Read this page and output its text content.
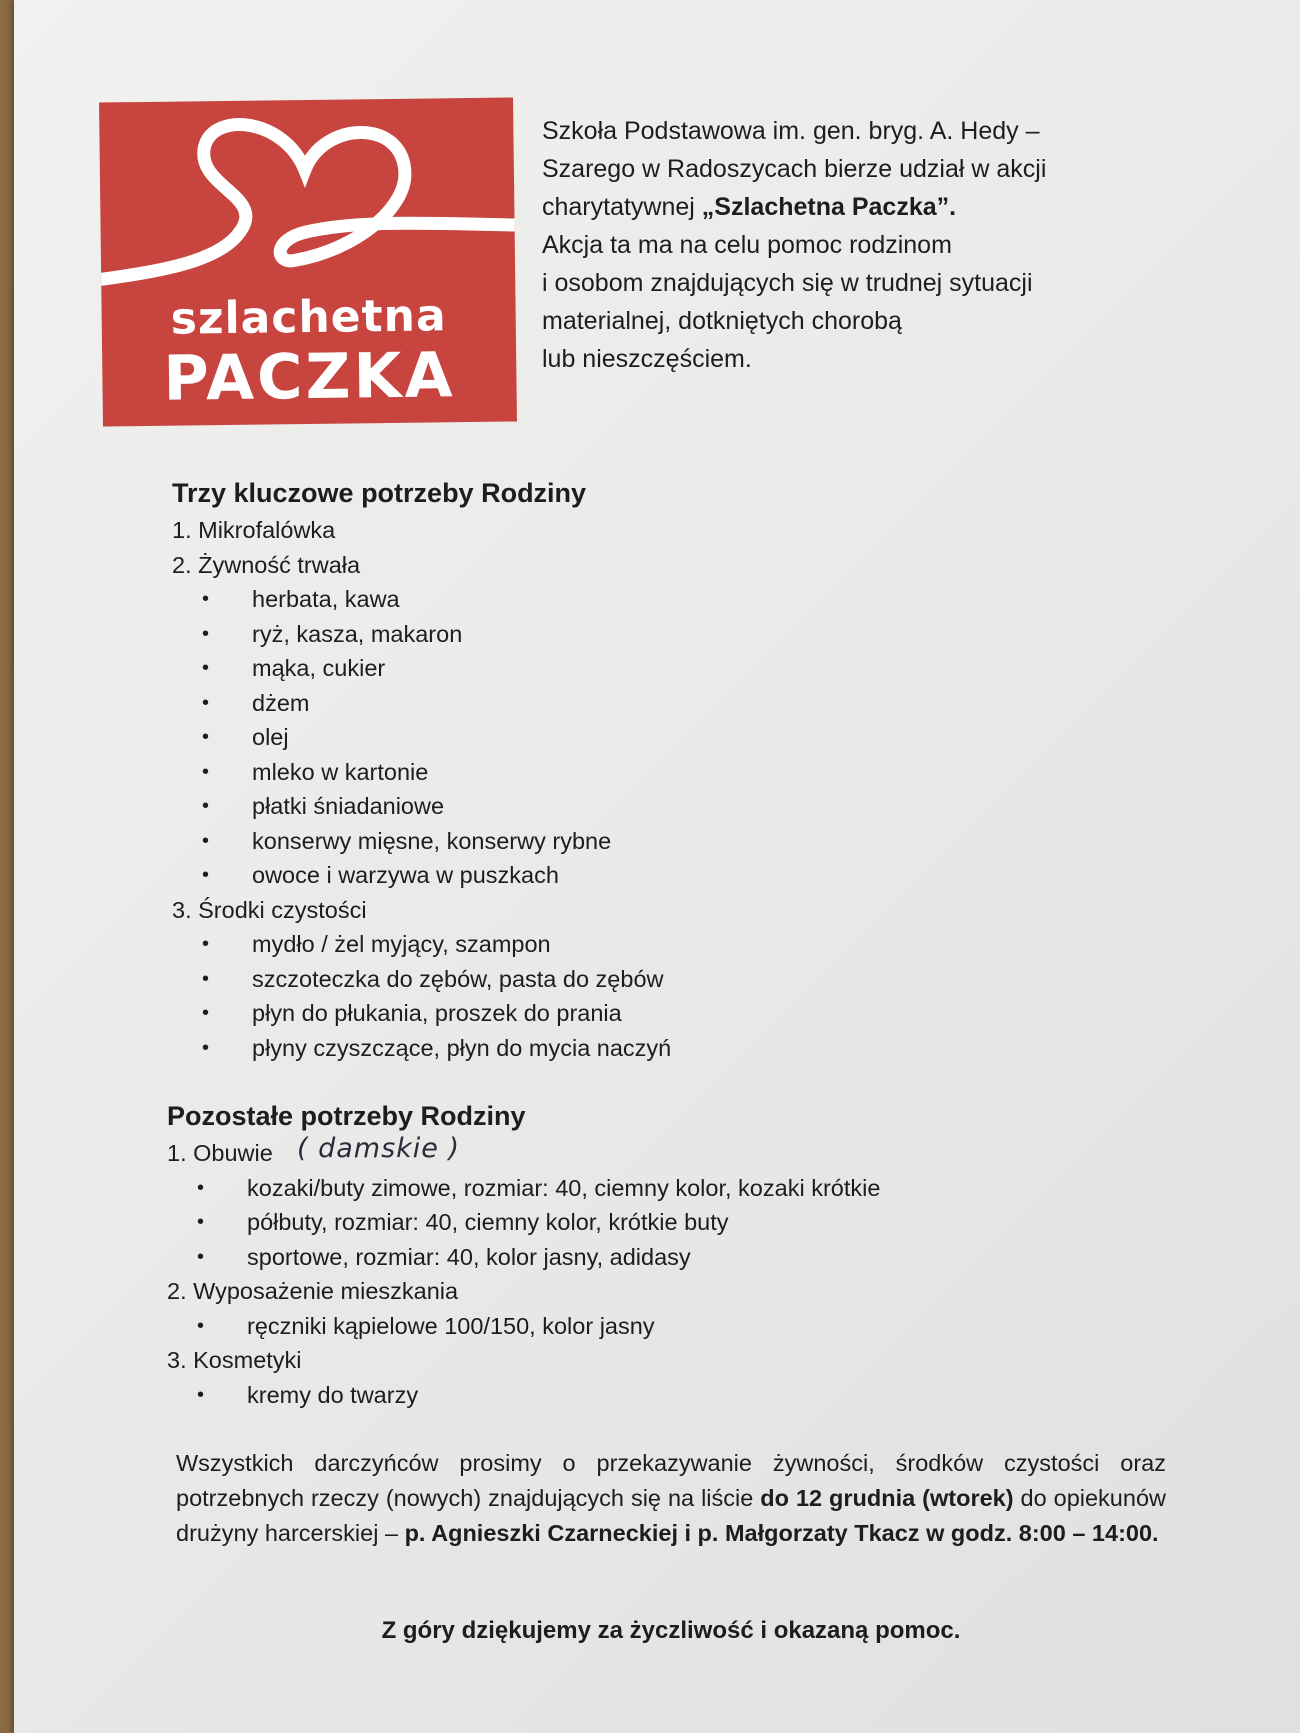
szlachetna
PACZKA

Szkoła Podstawowa im. gen. bryg. A. Hedy –

Szarego w Radoszycach bierze udział w akcji

charytatywnej „Szlachetna Paczka”.

Akcja ta ma na celu pomoc rodzinom

i osobom znajdujących się w trudnej sytuacji

materialnej, dotkniętych chorobą

lub nieszczęściem.

Trzy kluczowe potrzeby Rodziny
1. Mikrofalówka
2. Żywność trwała
• herbata, kawa
• ryż, kasza, makaron
• mąka, cukier
• dżem
• olej
• mleko w kartonie
• płatki śniadaniowe
• konserwy mięsne, konserwy rybne
• owoce i warzywa w puszkach
3. Środki czystości
• mydło / żel myjący, szampon
• szczoteczka do zębów, pasta do zębów
• płyn do płukania, proszek do prania
• płyny czyszczące, płyn do mycia naczyń
Pozostałe potrzeby Rodziny
( damskie )
1. Obuwie
• kozaki/buty zimowe, rozmiar: 40, ciemny kolor, kozaki krótkie
• półbuty, rozmiar: 40, ciemny kolor, krótkie buty
• sportowe, rozmiar: 40, kolor jasny, adidasy
2. Wyposażenie mieszkania
• ręczniki kąpielowe 100/150, kolor jasny
3. Kosmetyki
• kremy do twarzy

Wszystkich darczyńców prosimy o przekazywanie żywności, środków czystości oraz potrzebnych rzeczy (nowych) znajdujących się na liście do 12 grudnia (wtorek) do opiekunów drużyny harcerskiej – p. Agnieszki Czarneckiej i p. Małgorzaty Tkacz w godz. 8:00 – 14:00.

Z góry dziękujemy za życzliwość i okazaną pomoc.
